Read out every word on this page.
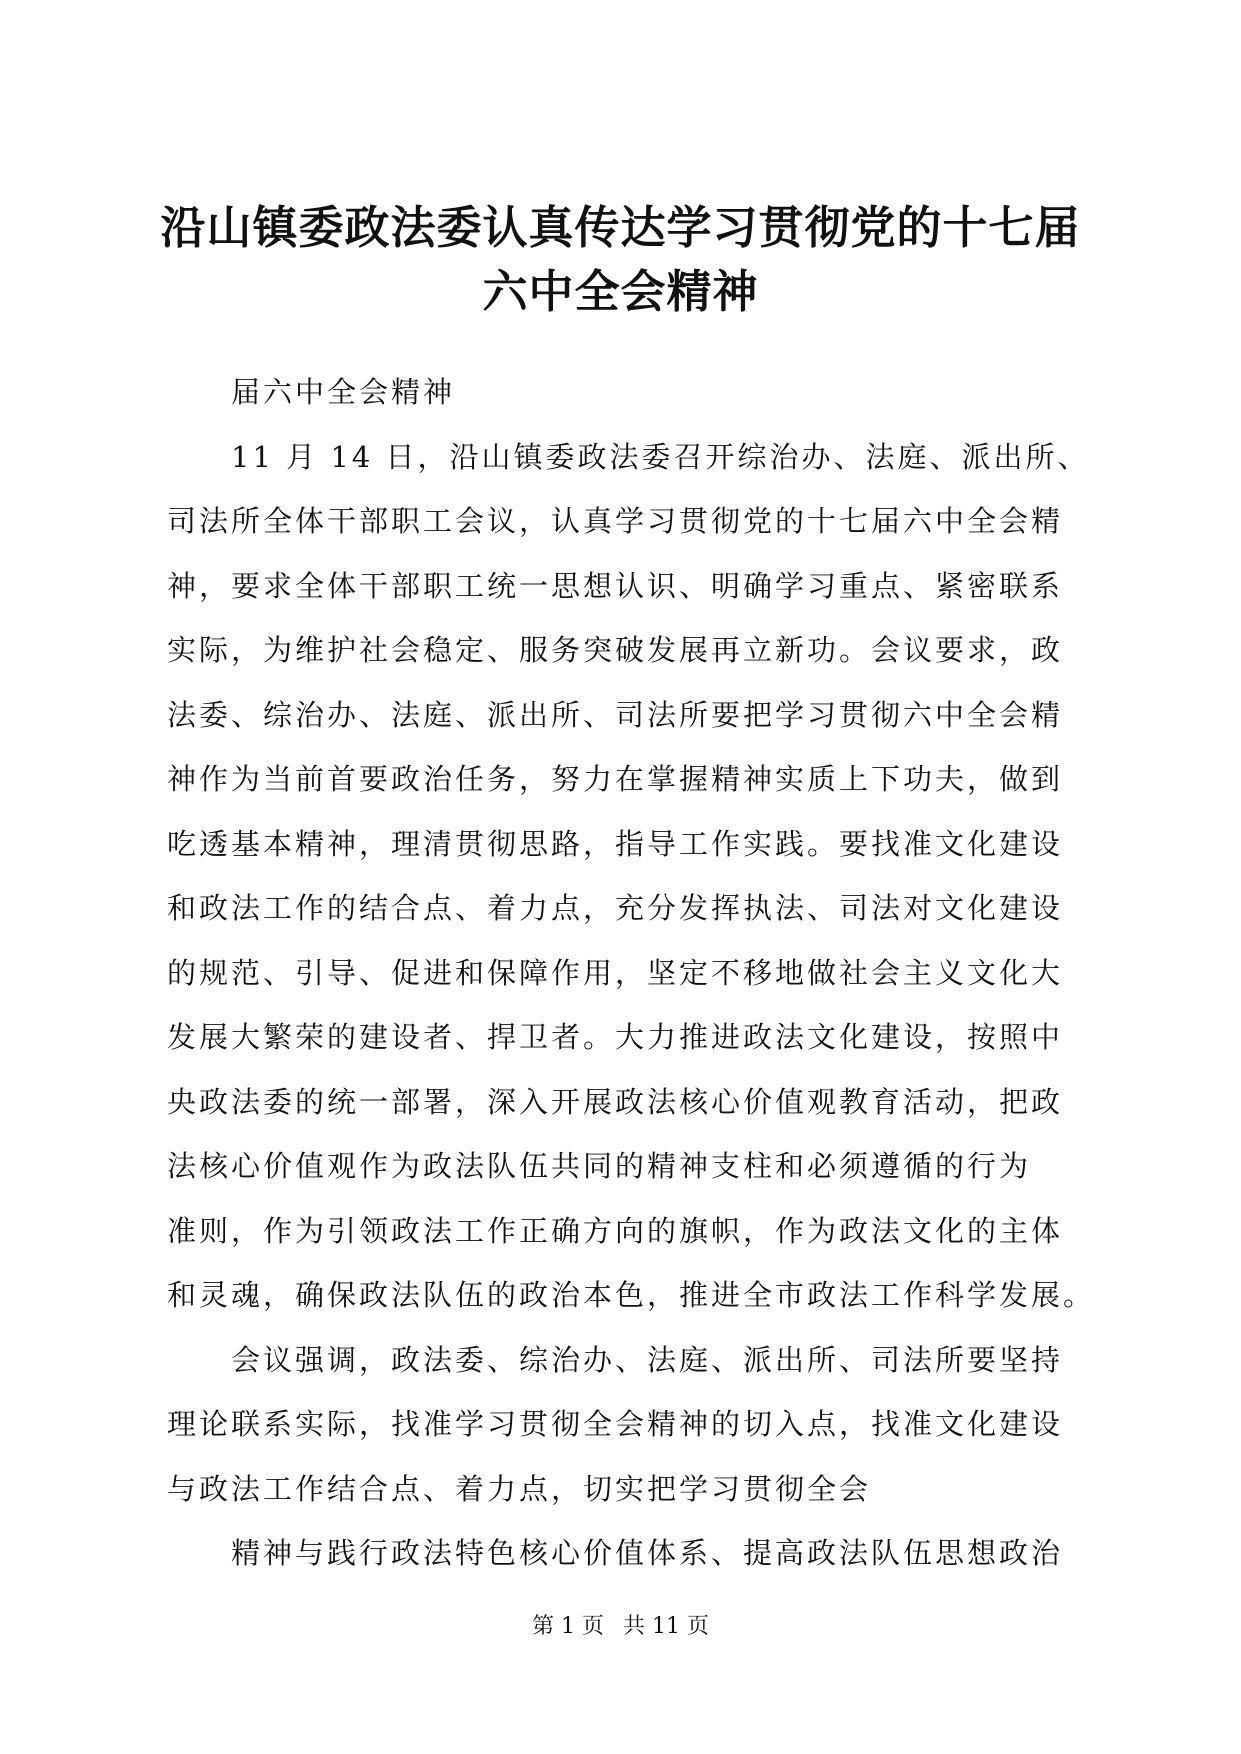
沿山镇委政法委认真传达学习贯彻党的十七届
六中全会精神
届六中全会精神
11 月 14 日，沿山镇委政法委召开综治办、法庭、派出所、
司法所全体干部职工会议，认真学习贯彻党的十七届六中全会精
神，要求全体干部职工统一思想认识、明确学习重点、紧密联系
实际，为维护社会稳定、服务突破发展再立新功。会议要求，政
法委、综治办、法庭、派出所、司法所要把学习贯彻六中全会精
神作为当前首要政治任务，努力在掌握精神实质上下功夫，做到
吃透基本精神，理清贯彻思路，指导工作实践。要找准文化建设
和政法工作的结合点、着力点，充分发挥执法、司法对文化建设
的规范、引导、促进和保障作用，坚定不移地做社会主义文化大
发展大繁荣的建设者、捍卫者。大力推进政法文化建设，按照中
央政法委的统一部署，深入开展政法核心价值观教育活动，把政
法核心价值观作为政法队伍共同的精神支柱和必须遵循的行为
准则，作为引领政法工作正确方向的旗帜，作为政法文化的主体
和灵魂，确保政法队伍的政治本色，推进全市政法工作科学发展。
会议强调，政法委、综治办、法庭、派出所、司法所要坚持
理论联系实际，找准学习贯彻全会精神的切入点，找准文化建设
与政法工作结合点、着力点，切实把学习贯彻全会
精神与践行政法特色核心价值体系、提高政法队伍思想政治
第 1 页 共 11 页
